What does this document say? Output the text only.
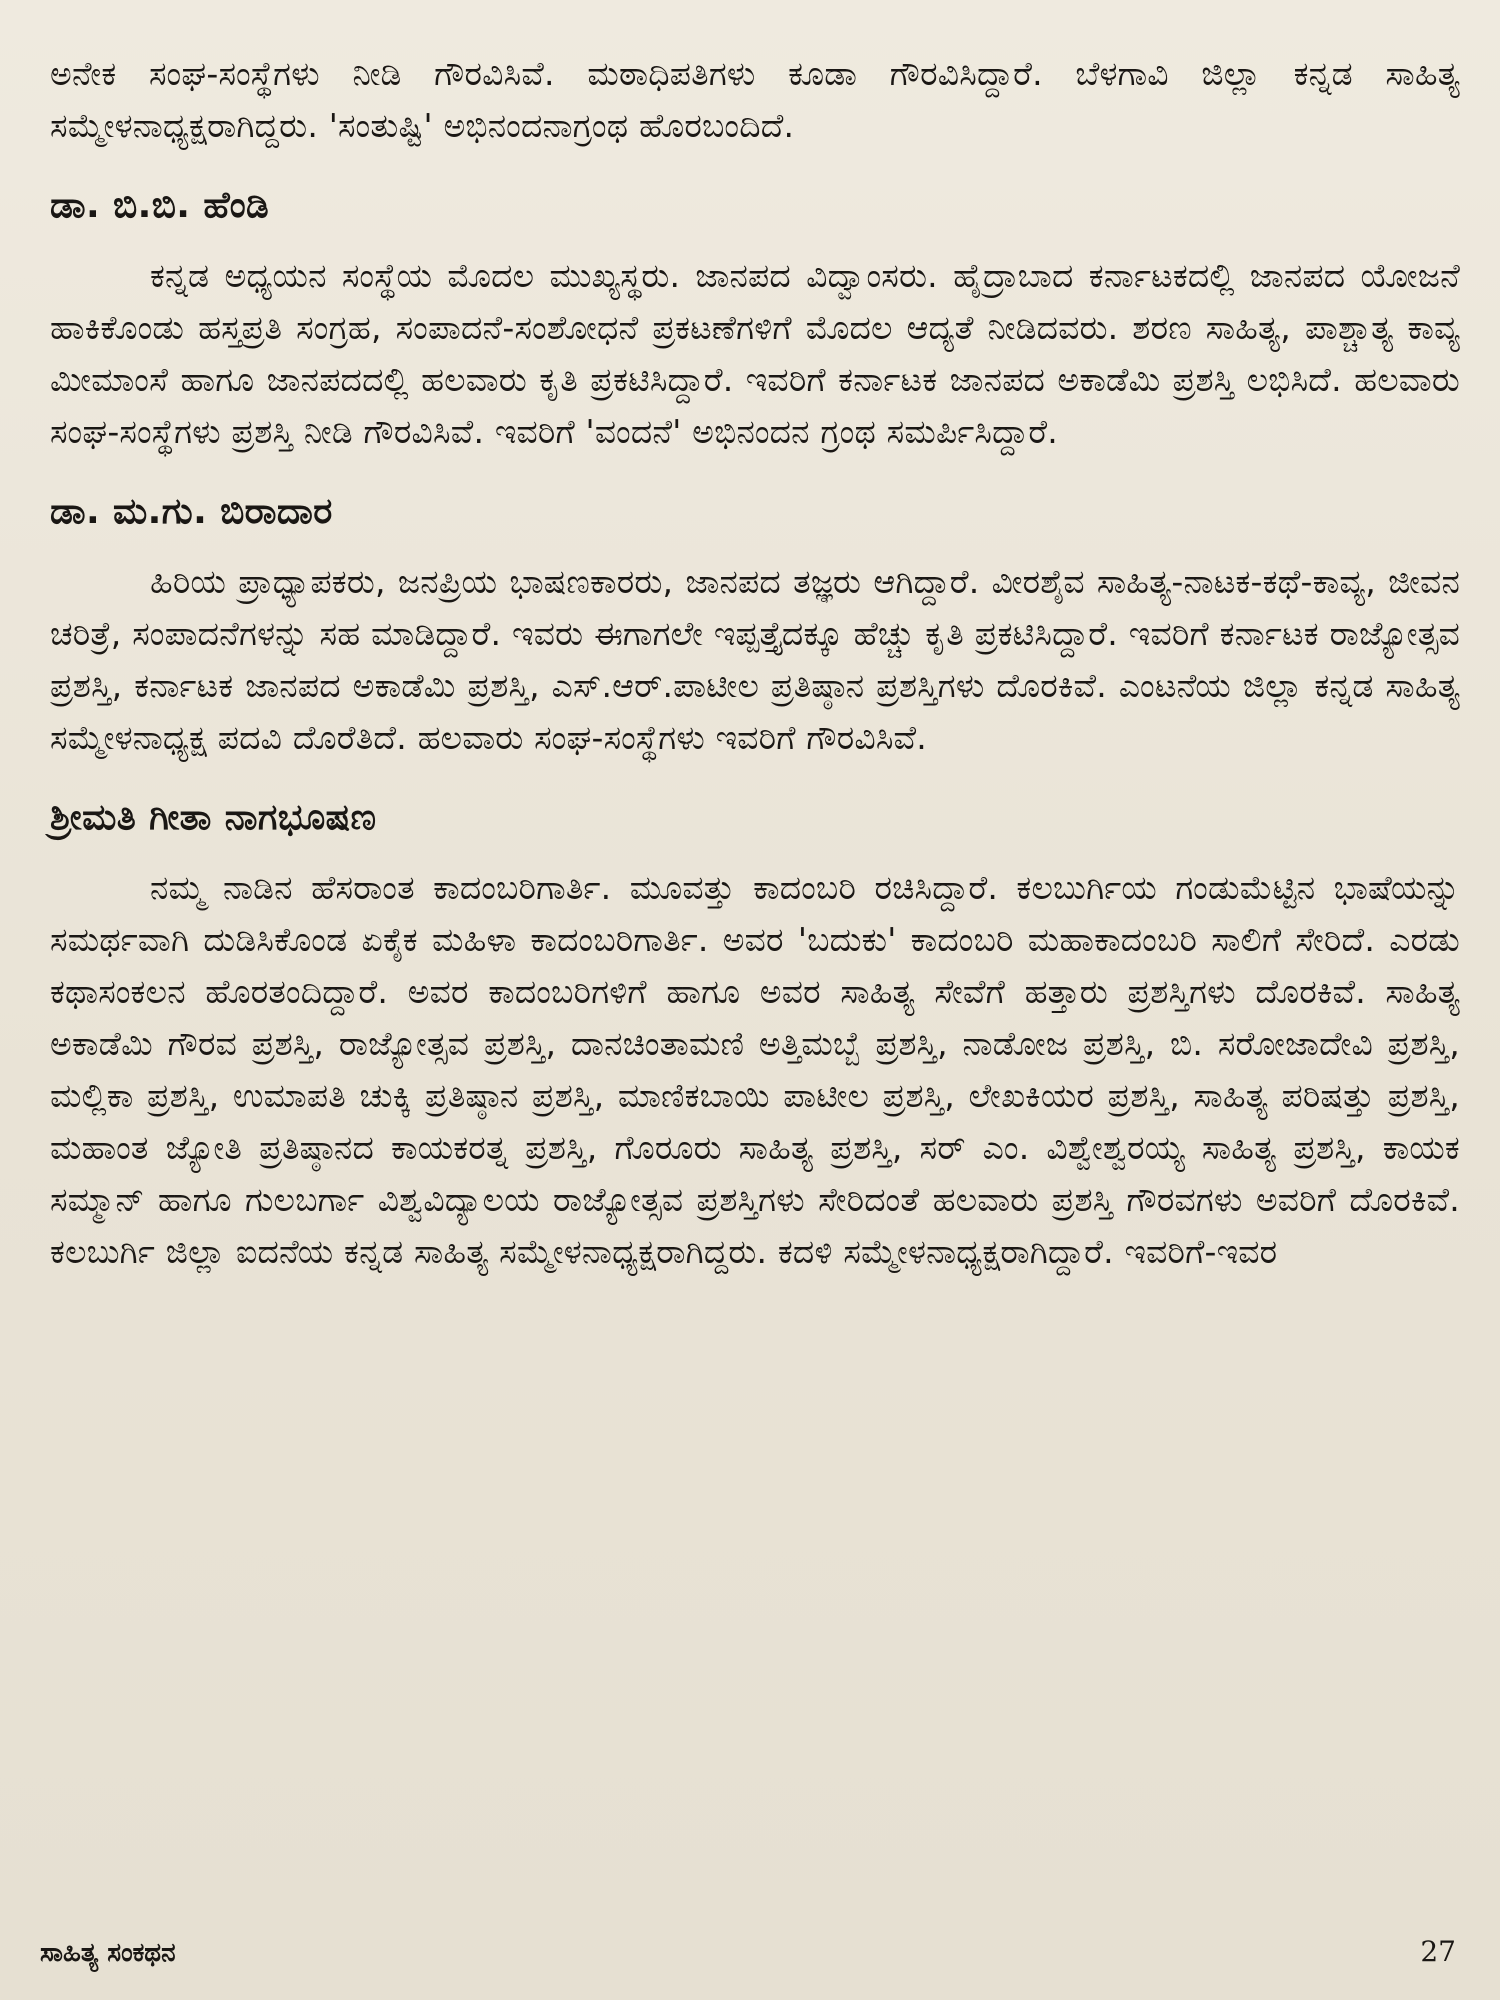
ಅನೇಕ ಸಂಘ-ಸಂಸ್ಥೆಗಳು ನೀಡಿ ಗೌರವಿಸಿವೆ. ಮಠಾಧಿಪತಿಗಳು ಕೂಡಾ ಗೌರವಿಸಿದ್ದಾರೆ. ಬೆಳಗಾವಿ ಜಿಲ್ಲಾ ಕನ್ನಡ ಸಾಹಿತ್ಯ ಸಮ್ಮೇಳನಾಧ್ಯಕ್ಷರಾಗಿದ್ದರು. 'ಸಂತುಷ್ಟಿ' ಅಭಿನಂದನಾಗ್ರಂಥ ಹೊರಬಂದಿದೆ.

ಡಾ. ಬಿ.ಬಿ. ಹೆಂಡಿ

ಕನ್ನಡ ಅಧ್ಯಯನ ಸಂಸ್ಥೆಯ ಮೊದಲ ಮುಖ್ಯಸ್ಥರು. ಜಾನಪದ ವಿದ್ವಾಂಸರು. ಹೈದ್ರಾಬಾದ ಕರ್ನಾಟಕದಲ್ಲಿ ಜಾನಪದ ಯೋಜನೆ ಹಾಕಿಕೊಂಡು ಹಸ್ತಪ್ರತಿ ಸಂಗ್ರಹ, ಸಂಪಾದನೆ-ಸಂಶೋಧನೆ ಪ್ರಕಟಣೆಗಳಿಗೆ ಮೊದಲ ಆದ್ಯತೆ ನೀಡಿದವರು. ಶರಣ ಸಾಹಿತ್ಯ, ಪಾಶ್ಚಾತ್ಯ ಕಾವ್ಯ ಮೀಮಾಂಸೆ ಹಾಗೂ ಜಾನಪದದಲ್ಲಿ ಹಲವಾರು ಕೃತಿ ಪ್ರಕಟಿಸಿದ್ದಾರೆ. ಇವರಿಗೆ ಕರ್ನಾಟಕ ಜಾನಪದ ಅಕಾಡೆಮಿ ಪ್ರಶಸ್ತಿ ಲಭಿಸಿದೆ. ಹಲವಾರು ಸಂಘ-ಸಂಸ್ಥೆಗಳು ಪ್ರಶಸ್ತಿ ನೀಡಿ ಗೌರವಿಸಿವೆ. ಇವರಿಗೆ 'ವಂದನೆ' ಅಭಿನಂದನ ಗ್ರಂಥ ಸಮರ್ಪಿಸಿದ್ದಾರೆ.

ಡಾ. ಮ.ಗು. ಬಿರಾದಾರ

ಹಿರಿಯ ಪ್ರಾಧ್ಯಾಪಕರು, ಜನಪ್ರಿಯ ಭಾಷಣಕಾರರು, ಜಾನಪದ ತಜ್ಞರು ಆಗಿದ್ದಾರೆ. ವೀರಶೈವ ಸಾಹಿತ್ಯ-ನಾಟಕ-ಕಥೆ-ಕಾವ್ಯ, ಜೀವನ ಚರಿತ್ರೆ, ಸಂಪಾದನೆಗಳನ್ನು ಸಹ ಮಾಡಿದ್ದಾರೆ. ಇವರು ಈಗಾಗಲೇ ಇಪ್ಪತ್ತೈದಕ್ಕೂ ಹೆಚ್ಚು ಕೃತಿ ಪ್ರಕಟಿಸಿದ್ದಾರೆ. ಇವರಿಗೆ ಕರ್ನಾಟಕ ರಾಜ್ಯೋತ್ಸವ ಪ್ರಶಸ್ತಿ, ಕರ್ನಾಟಕ ಜಾನಪದ ಅಕಾಡೆಮಿ ಪ್ರಶಸ್ತಿ, ಎಸ್.ಆರ್.ಪಾಟೀಲ ಪ್ರತಿಷ್ಠಾನ ಪ್ರಶಸ್ತಿಗಳು ದೊರಕಿವೆ. ಎಂಟನೆಯ ಜಿಲ್ಲಾ ಕನ್ನಡ ಸಾಹಿತ್ಯ ಸಮ್ಮೇಳನಾಧ್ಯಕ್ಷ ಪದವಿ ದೊರೆತಿದೆ. ಹಲವಾರು ಸಂಘ-ಸಂಸ್ಥೆಗಳು ಇವರಿಗೆ ಗೌರವಿಸಿವೆ.

ಶ್ರೀಮತಿ ಗೀತಾ ನಾಗಭೂಷಣ

ನಮ್ಮ ನಾಡಿನ ಹೆಸರಾಂತ ಕಾದಂಬರಿಗಾರ್ತಿ. ಮೂವತ್ತು ಕಾದಂಬರಿ ರಚಿಸಿದ್ದಾರೆ. ಕಲಬುರ್ಗಿಯ ಗಂಡುಮೆಟ್ಟಿನ ಭಾಷೆಯನ್ನು ಸಮರ್ಥವಾಗಿ ದುಡಿಸಿಕೊಂಡ ಏಕೈಕ ಮಹಿಳಾ ಕಾದಂಬರಿಗಾರ್ತಿ. ಅವರ 'ಬದುಕು' ಕಾದಂಬರಿ ಮಹಾಕಾದಂಬರಿ ಸಾಲಿಗೆ ಸೇರಿದೆ. ಎರಡು ಕಥಾಸಂಕಲನ ಹೊರತಂದಿದ್ದಾರೆ. ಅವರ ಕಾದಂಬರಿಗಳಿಗೆ ಹಾಗೂ ಅವರ ಸಾಹಿತ್ಯ ಸೇವೆಗೆ ಹತ್ತಾರು ಪ್ರಶಸ್ತಿಗಳು ದೊರಕಿವೆ. ಸಾಹಿತ್ಯ ಅಕಾಡೆಮಿ ಗೌರವ ಪ್ರಶಸ್ತಿ, ರಾಜ್ಯೋತ್ಸವ ಪ್ರಶಸ್ತಿ, ದಾನಚಿಂತಾಮಣಿ ಅತ್ತಿಮಬ್ಬೆ ಪ್ರಶಸ್ತಿ, ನಾಡೋಜ ಪ್ರಶಸ್ತಿ, ಬಿ. ಸರೋಜಾದೇವಿ ಪ್ರಶಸ್ತಿ, ಮಲ್ಲಿಕಾ ಪ್ರಶಸ್ತಿ, ಉಮಾಪತಿ ಚುಕ್ಕಿ ಪ್ರತಿಷ್ಠಾನ ಪ್ರಶಸ್ತಿ, ಮಾಣಿಕಬಾಯಿ ಪಾಟೀಲ ಪ್ರಶಸ್ತಿ, ಲೇಖಕಿಯರ ಪ್ರಶಸ್ತಿ, ಸಾಹಿತ್ಯ ಪರಿಷತ್ತು ಪ್ರಶಸ್ತಿ, ಮಹಾಂತ ಜ್ಯೋತಿ ಪ್ರತಿಷ್ಠಾನದ ಕಾಯಕರತ್ನ ಪ್ರಶಸ್ತಿ, ಗೊರೂರು ಸಾಹಿತ್ಯ ಪ್ರಶಸ್ತಿ, ಸರ್ ಎಂ. ವಿಶ್ವೇಶ್ವರಯ್ಯ ಸಾಹಿತ್ಯ ಪ್ರಶಸ್ತಿ, ಕಾಯಕ ಸಮ್ಮಾನ್ ಹಾಗೂ ಗುಲಬರ್ಗಾ ವಿಶ್ವವಿದ್ಯಾಲಯ ರಾಜ್ಯೋತ್ಸವ ಪ್ರಶಸ್ತಿಗಳು ಸೇರಿದಂತೆ ಹಲವಾರು ಪ್ರಶಸ್ತಿ ಗೌರವಗಳು ಅವರಿಗೆ ದೊರಕಿವೆ. ಕಲಬುರ್ಗಿ ಜಿಲ್ಲಾ ಐದನೆಯ ಕನ್ನಡ ಸಾಹಿತ್ಯ ಸಮ್ಮೇಳನಾಧ್ಯಕ್ಷರಾಗಿದ್ದರು. ಕದಳಿ ಸಮ್ಮೇಳನಾಧ್ಯಕ್ಷರಾಗಿದ್ದಾರೆ. ಇವರಿಗೆ-ಇವರ

ಸಾಹಿತ್ಯ ಸಂಕಥನ	27
